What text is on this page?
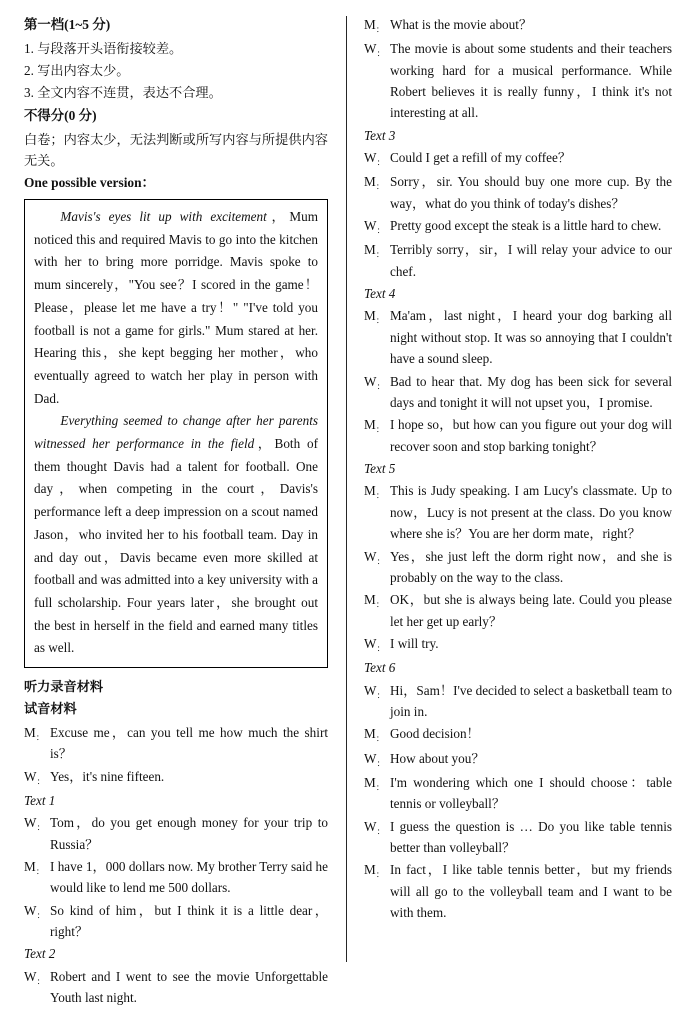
第一档(1~5 分)

1. 与段落开头语衔接较差。

2. 写出内容太少。

3. 全文内容不连贯，表达不合理。

不得分(0 分)

白卷；内容太少，无法判断或所写内容与所提供内容无关。

One possible version：

Mavis's eyes lit up with excitement，Mum noticed this and required Mavis to go into the kitchen with her to bring more porridge. Mavis spoke to mum sincerely，"You see？I scored in the game！Please，please let me have a try！" "I've told you football is not a game for girls." Mum stared at her. Hearing this，she kept begging her mother，who eventually agreed to watch her play in person with Dad.

Everything seemed to change after her parents witnessed her performance in the field，Both of them thought Davis had a talent for football. One day，when competing in the court，Davis's performance left a deep impression on a scout named Jason，who invited her to his football team. Day in and day out，Davis became even more skilled at football and was admitted into a key university with a full scholarship. Four years later，she brought out the best in herself in the field and earned many titles as well.

听力录音材料

试音材料

$M_:$ Excuse me，can you tell me how much the shirt is？
$W_:$ Yes，it's nine fifteen.

Text 1

$W_:$ Tom，do you get enough money for your trip to Russia？
$M_:$ I have 1，000 dollars now. My brother Terry said he would like to lend me 500 dollars.
$W_:$ So kind of him，but I think it is a little dear，right？

Text 2

$W_:$ Robert and I went to see the movie Unforgettable Youth last night.
$M_:$ What is the movie about？
$W_:$ The movie is about some students and their teachers working hard for a musical performance. While Robert believes it is really funny，I think it's not interesting at all.

Text 3

$W_:$ Could I get a refill of my coffee？
$M_:$ Sorry，sir. You should buy one more cup. By the way，what do you think of today's dishes？
$W_:$ Pretty good except the steak is a little hard to chew.
$M_:$ Terribly sorry，sir，I will relay your advice to our chef.

Text 4

$M_:$ Ma'am，last night，I heard your dog barking all night without stop. It was so annoying that I couldn't have a sound sleep.
$W_:$ Bad to hear that. My dog has been sick for several days and tonight it will not upset you，I promise.
$M_:$ I hope so，but how can you figure out your dog will recover soon and stop barking tonight？

Text 5

$M_:$ This is Judy speaking. I am Lucy's classmate. Up to now，Lucy is not present at the class. Do you know where she is？You are her dorm mate，right？
$W_:$ Yes，she just left the dorm right now，and she is probably on the way to the class.
$M_:$ OK，but she is always being late. Could you please let her get up early？
$W_:$ I will try.

Text 6

$W_:$ Hi，Sam！I've decided to select a basketball team to join in.
$M_:$ Good decision！
$W_:$ How about you？
$M_:$ I'm wondering which one I should choose：table tennis or volleyball？
$W_:$ I guess the question is … Do you like table tennis better than volleyball？
$M_:$ In fact，I like table tennis better，but my friends will all go to the volleyball team and I want to be with them.
